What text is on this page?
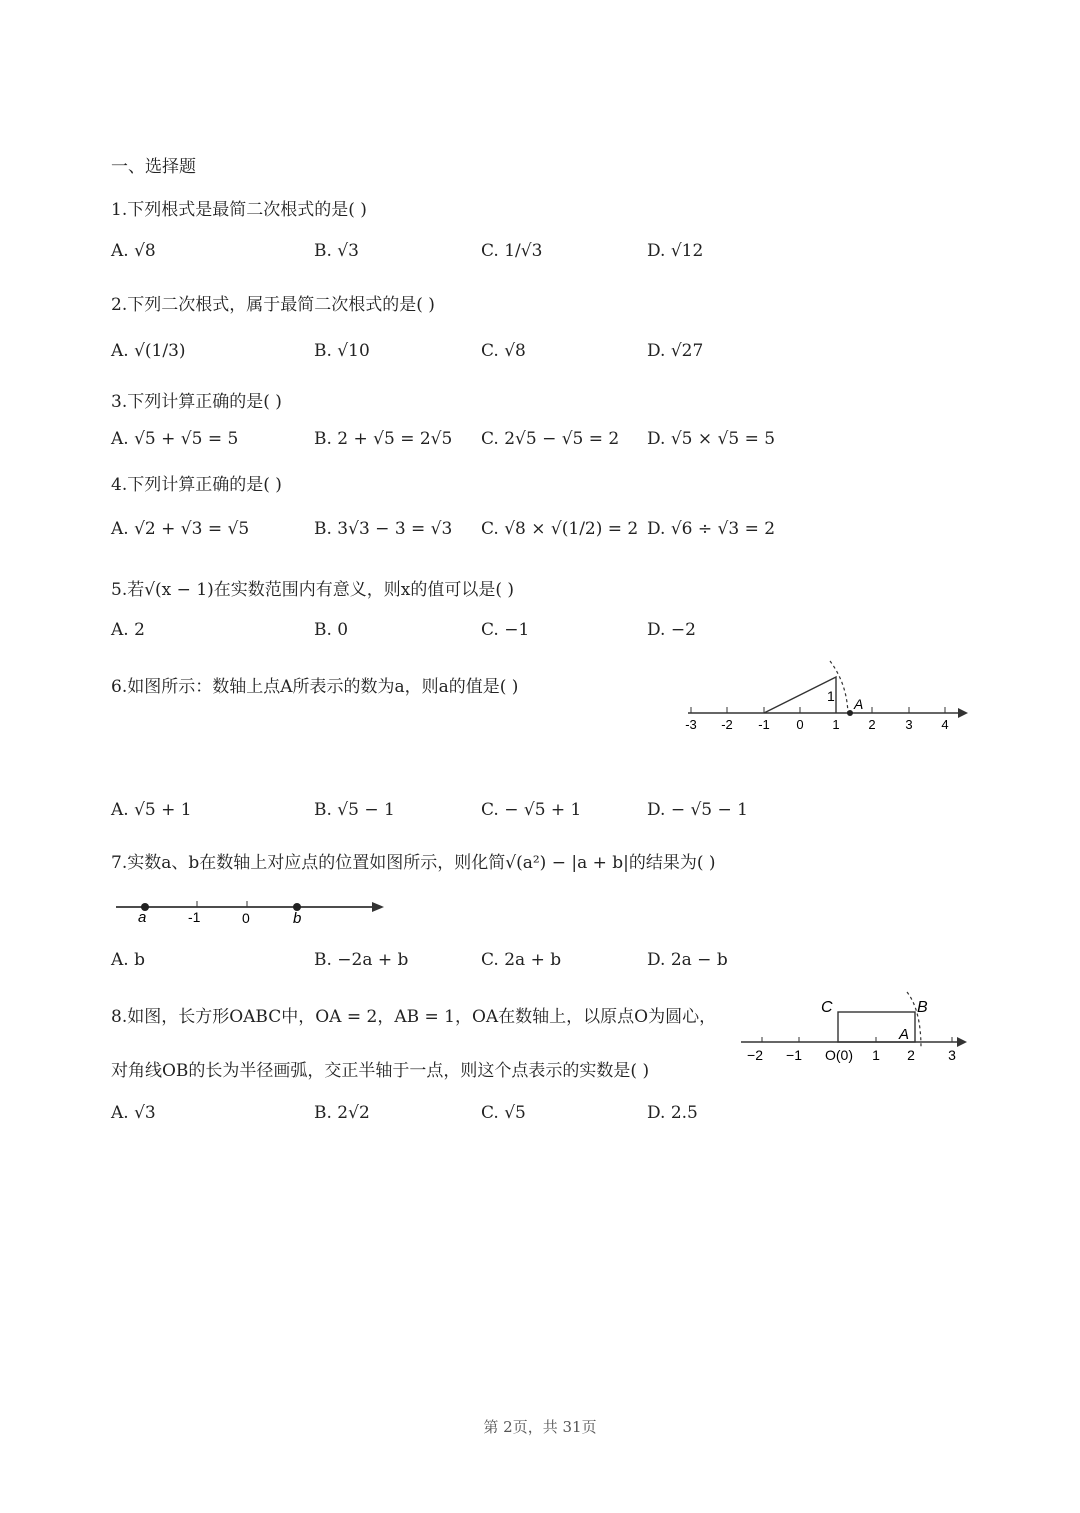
一、选择题
1.下列根式是最简二次根式的是( )
A. √8	B. √3	C. 1/√3	D. √12
2.下列二次根式，属于最简二次根式的是( )
A. √(1/3)	B. √10	C. √8	D. √27
3.下列计算正确的是( )
A. √5 + √5 = 5	B. 2 + √5 = 2√5 C. 2√5 − √5 = 2 D. √5 × √5 = 5
4.下列计算正确的是( )
A. √2 + √3 = √5	B. 3√3 − 3 = √3 C. √8 × √(1/2) = 2 D. √6 ÷ √3 = 2
5.若√(x − 1)在实数范围内有意义，则x的值可以是( )
A. 2	B. 0	C. −1	D. −2
6.如图所示：数轴上点A所表示的数为a，则a的值是( )
-3 -2 -1 0 1 2 3 4
1 A
A. √5 + 1	B. √5 − 1	C. − √5 + 1	D. − √5 − 1
7.实数a、b在数轴上对应点的位置如图所示，则化简√(a²) − |a + b|的结果为( )
a	-1	0	b
A. b	B. −2a + b	C. 2a + b	D. 2a − b
8.如图，长方形OABC中，OA = 2，AB = 1，OA在数轴上，以原点O为圆心，
对角线OB的长为半径画弧，交正半轴于一点，则这个点表示的实数是( )
C	B
A
−2 −1 O(0) 1 2 3
A. √3	B. 2√2	C. √5	D. 2.5
第 2页，共 31页
